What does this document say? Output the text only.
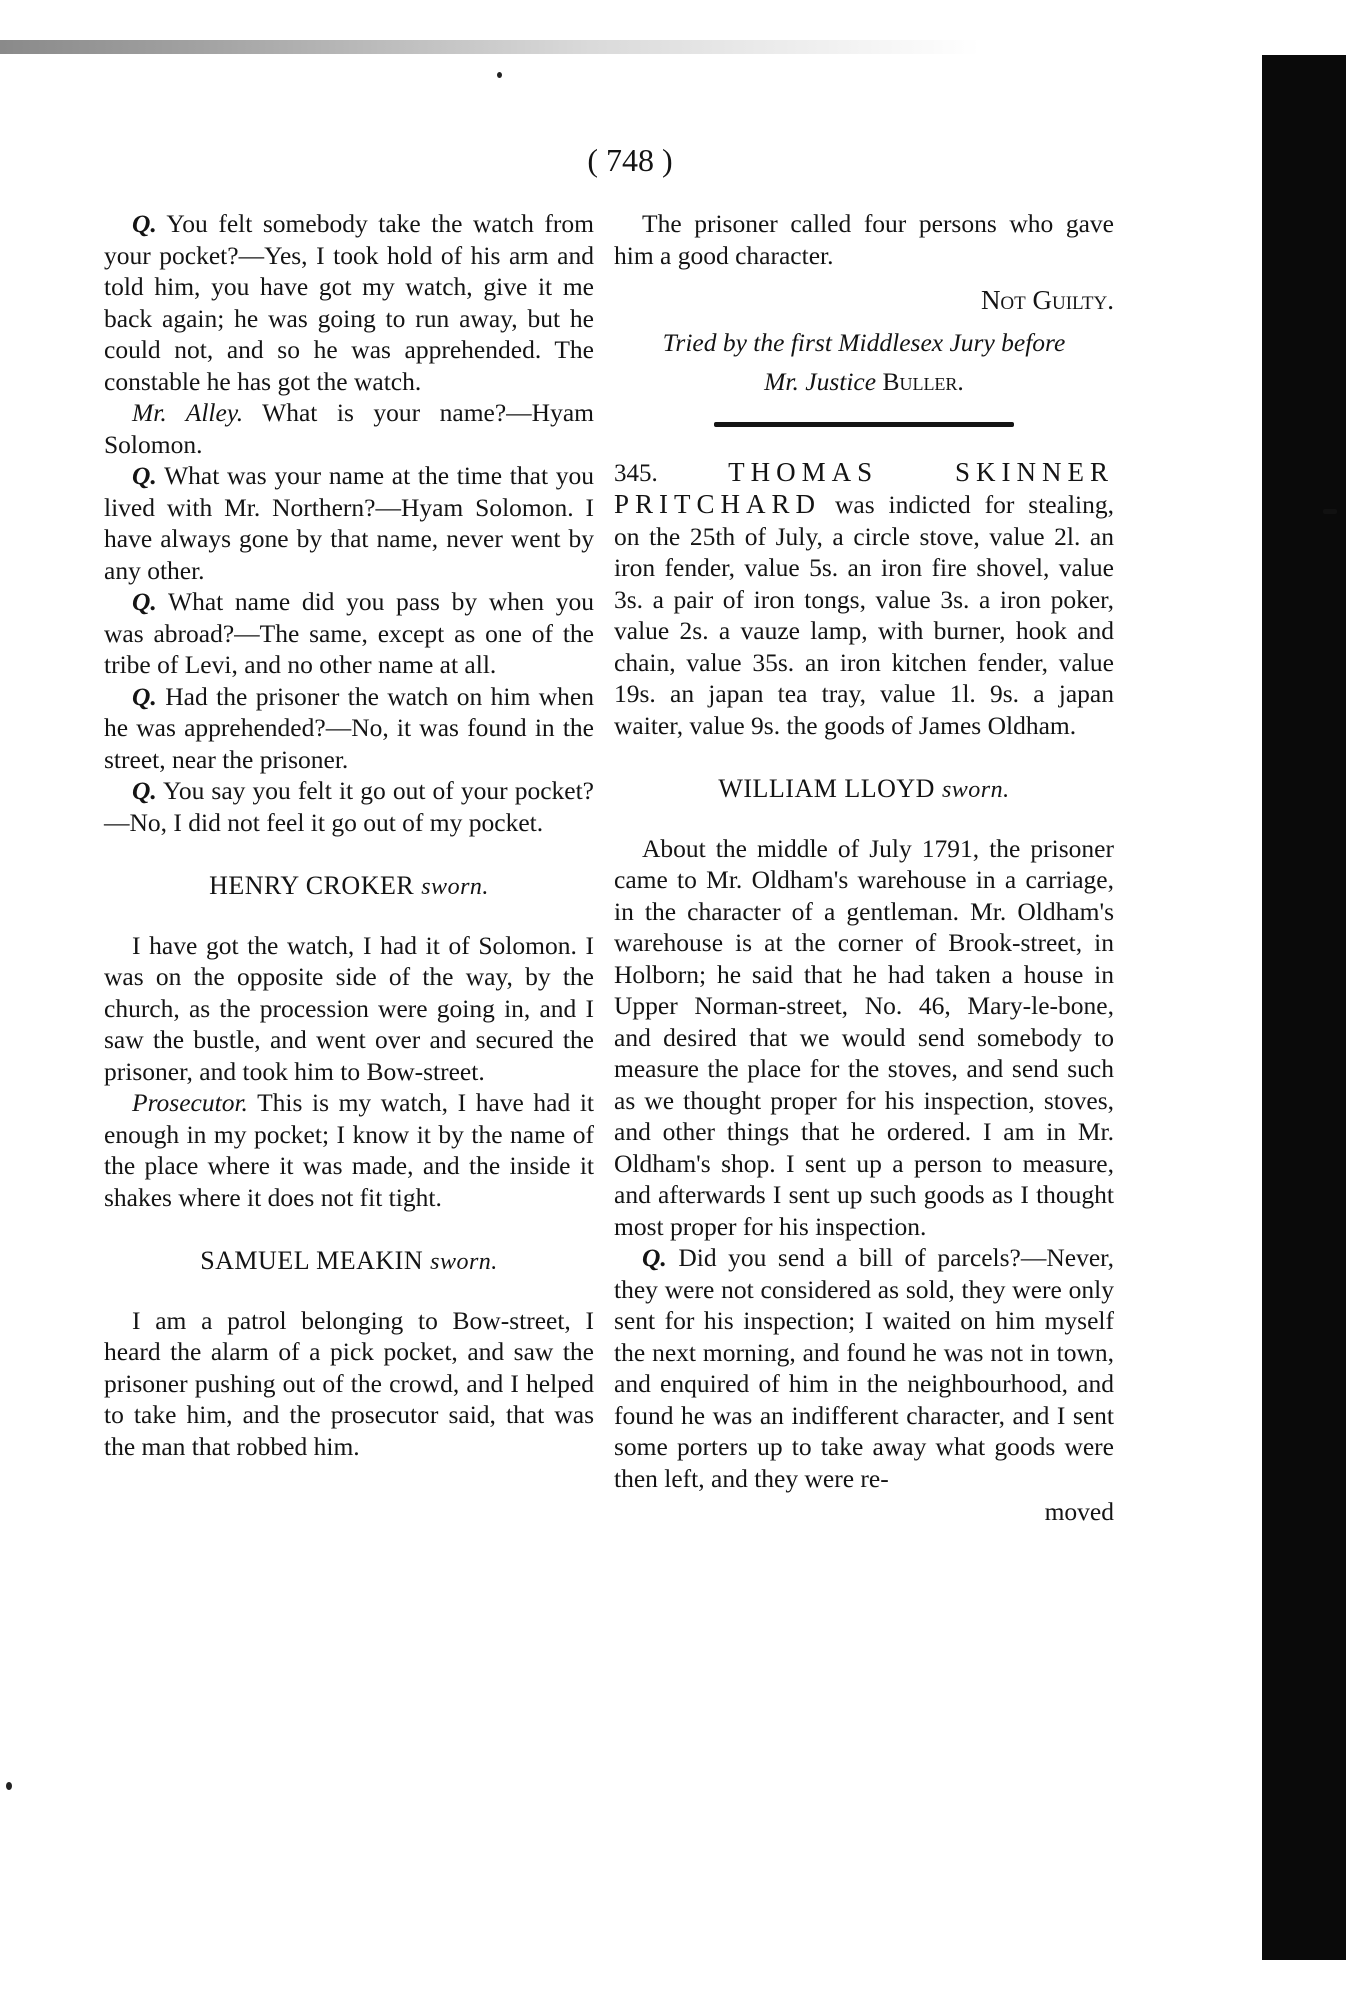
( 748 )

Q. You felt somebody take the watch from your pocket?—Yes, I took hold of his arm and told him, you have got my watch, give it me back again; he was going to run away, but he could not, and so he was apprehended. The constable he has got the watch.

Mr. Alley. What is your name?—Hyam Solomon.

Q. What was your name at the time that you lived with Mr. Northern?—Hyam Solomon. I have always gone by that name, never went by any other.

Q. What name did you pass by when you was abroad?—The same, except as one of the tribe of Levi, and no other name at all.

Q. Had the prisoner the watch on him when he was apprehended?—No, it was found in the street, near the prisoner.

Q. You say you felt it go out of your pocket?—No, I did not feel it go out of my pocket.

HENRY CROKER sworn.

I have got the watch, I had it of Solomon. I was on the opposite side of the way, by the church, as the procession were going in, and I saw the bustle, and went over and secured the prisoner, and took him to Bow-street.

Prosecutor. This is my watch, I have had it enough in my pocket; I know it by the name of the place where it was made, and the inside it shakes where it does not fit tight.

SAMUEL MEAKIN sworn.

I am a patrol belonging to Bow-street, I heard the alarm of a pick pocket, and saw the prisoner pushing out of the crowd, and I helped to take him, and the prosecutor said, that was the man that robbed him.

The prisoner called four persons who gave him a good character.

Not Guilty.
Tried by the first Middlesex Jury before
Mr. Justice Buller.

345.	THOMAS SKINNER PRITCHARD was indicted for stealing, on the 25th of July, a circle stove, value 2l. an iron fender, value 5s. an iron fire shovel, value 3s. a pair of iron tongs, value 3s. a iron poker, value 2s. a vauze lamp, with burner, hook and chain, value 35s. an iron kitchen fender, value 19s. an japan tea tray, value 1l. 9s. a japan waiter, value 9s. the goods of James Oldham.

WILLIAM LLOYD sworn.

About the middle of July 1791, the prisoner came to Mr. Oldham's warehouse in a carriage, in the character of a gentleman. Mr. Oldham's warehouse is at the corner of Brook-street, in Holborn; he said that he had taken a house in Upper Norman-street, No. 46, Mary-le-bone, and desired that we would send somebody to measure the place for the stoves, and send such as we thought proper for his inspection, stoves, and other things that he ordered. I am in Mr. Oldham's shop. I sent up a person to measure, and afterwards I sent up such goods as I thought most proper for his inspection.

Q. Did you send a bill of parcels?—Never, they were not considered as sold, they were only sent for his inspection; I waited on him myself the next morning, and found he was not in town, and enquired of him in the neighbourhood, and found he was an indifferent character, and I sent some porters up to take away what goods were then left, and they were re-

moved
